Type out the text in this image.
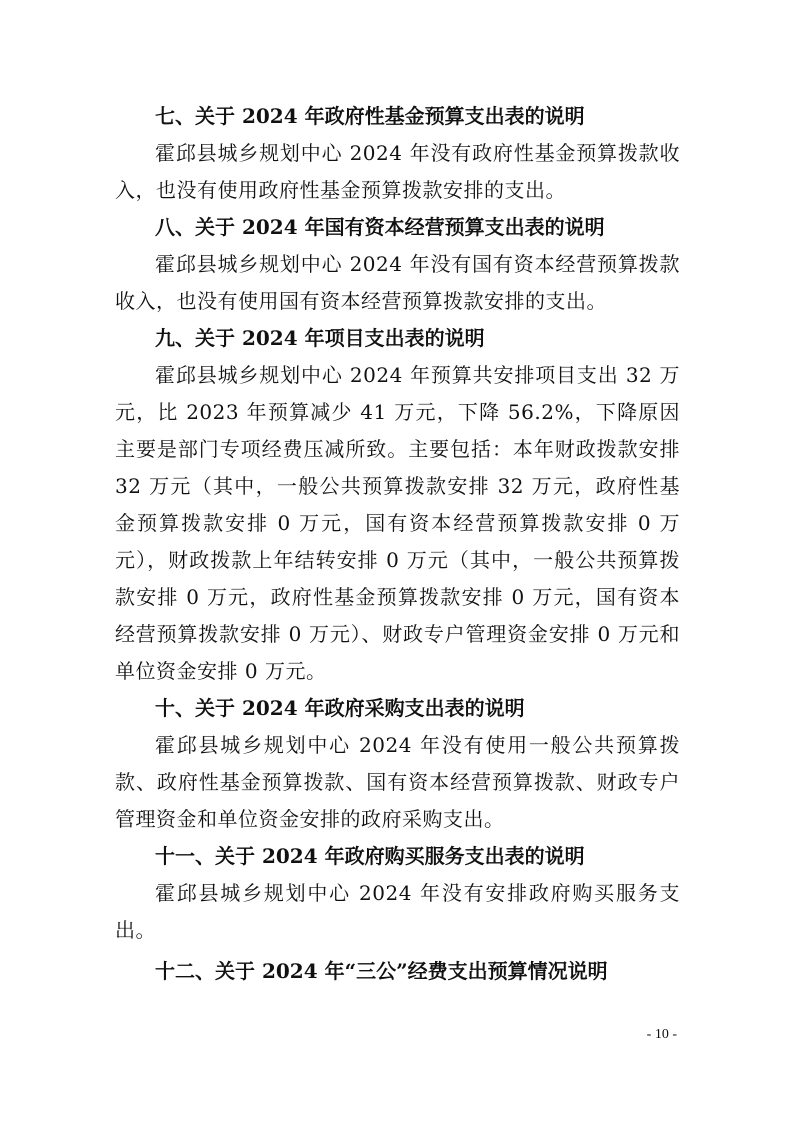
七、关于 2024 年政府性基金预算支出表的说明

霍邱县城乡规划中心 2024 年没有政府性基金预算拨款收入，也没有使用政府性基金预算拨款安排的支出。

八、关于 2024 年国有资本经营预算支出表的说明

霍邱县城乡规划中心 2024 年没有国有资本经营预算拨款收入，也没有使用国有资本经营预算拨款安排的支出。

九、关于 2024 年项目支出表的说明

霍邱县城乡规划中心 2024 年预算共安排项目支出 32 万元，比 2023 年预算减少 41 万元，下降 56.2%，下降原因主要是部门专项经费压减所致。主要包括：本年财政拨款安排 32 万元（其中，一般公共预算拨款安排 32 万元，政府性基金预算拨款安排 0 万元，国有资本经营预算拨款安排 0 万元），财政拨款上年结转安排 0 万元（其中，一般公共预算拨款安排 0 万元，政府性基金预算拨款安排 0 万元，国有资本经营预算拨款安排 0 万元）、财政专户管理资金安排 0 万元和单位资金安排 0 万元。

十、关于 2024 年政府采购支出表的说明

霍邱县城乡规划中心 2024 年没有使用一般公共预算拨款、政府性基金预算拨款、国有资本经营预算拨款、财政专户管理资金和单位资金安排的政府采购支出。

十一、关于 2024 年政府购买服务支出表的说明

霍邱县城乡规划中心 2024 年没有安排政府购买服务支出。

十二、关于 2024 年“三公”经费支出预算情况说明

- 10 -
